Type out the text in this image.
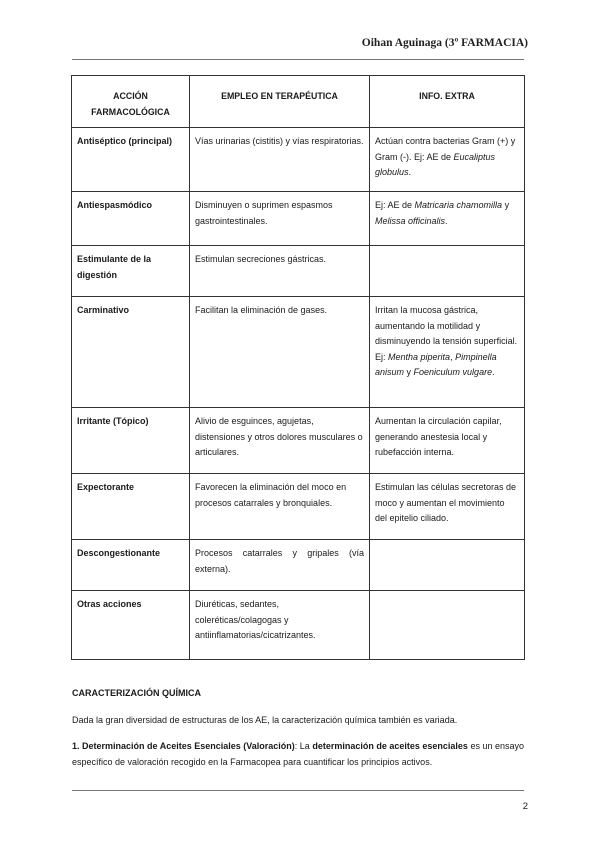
Oihan Aguinaga (3º FARMACIA)
ACCIÓN FARMACOLÓGICA	EMPLEO EN TERAPÉUTICA	INFO. EXTRA
Antiséptico (principal)	Vías urinarias (cistitis) y vías respiratorias.	Actúan contra bacterias Gram (+) y Gram (-). Ej: AE de Eucaliptus globulus.
Antiespasmódico	Disminuyen o suprimen espasmos gastrointestinales.	Ej: AE de Matricaria chamomilla y Melissa officinalis.
Estimulante de la digestión	Estimulan secreciones gástricas.	
Carminativo	Facilitan la eliminación de gases.	Irritan la mucosa gástrica, aumentando la motilidad y disminuyendo la tensión superficial. Ej: Mentha piperita, Pimpinella anisum y Foeniculum vulgare.
Irritante (Tópico)	Alivio de esguinces, agujetas, distensiones y otros dolores musculares o articulares.	Aumentan la circulación capilar, generando anestesia local y rubefacción interna.
Expectorante	Favorecen la eliminación del moco en procesos catarrales y bronquiales.	Estimulan las células secretoras de moco y aumentan el movimiento del epitelio ciliado.
Descongestionante	Procesos catarrales y gripales (vía externa).	
Otras acciones	Diuréticas, sedantes, coleréticas/colagogas y antiinflamatorias/cicatrizantes.	
CARACTERIZACIÓN QUÍMICA
Dada la gran diversidad de estructuras de los AE, la caracterización química también es variada.
1. Determinación de Aceites Esenciales (Valoración): La determinación de aceites esenciales es un ensayo específico de valoración recogido en la Farmacopea para cuantificar los principios activos.
2
